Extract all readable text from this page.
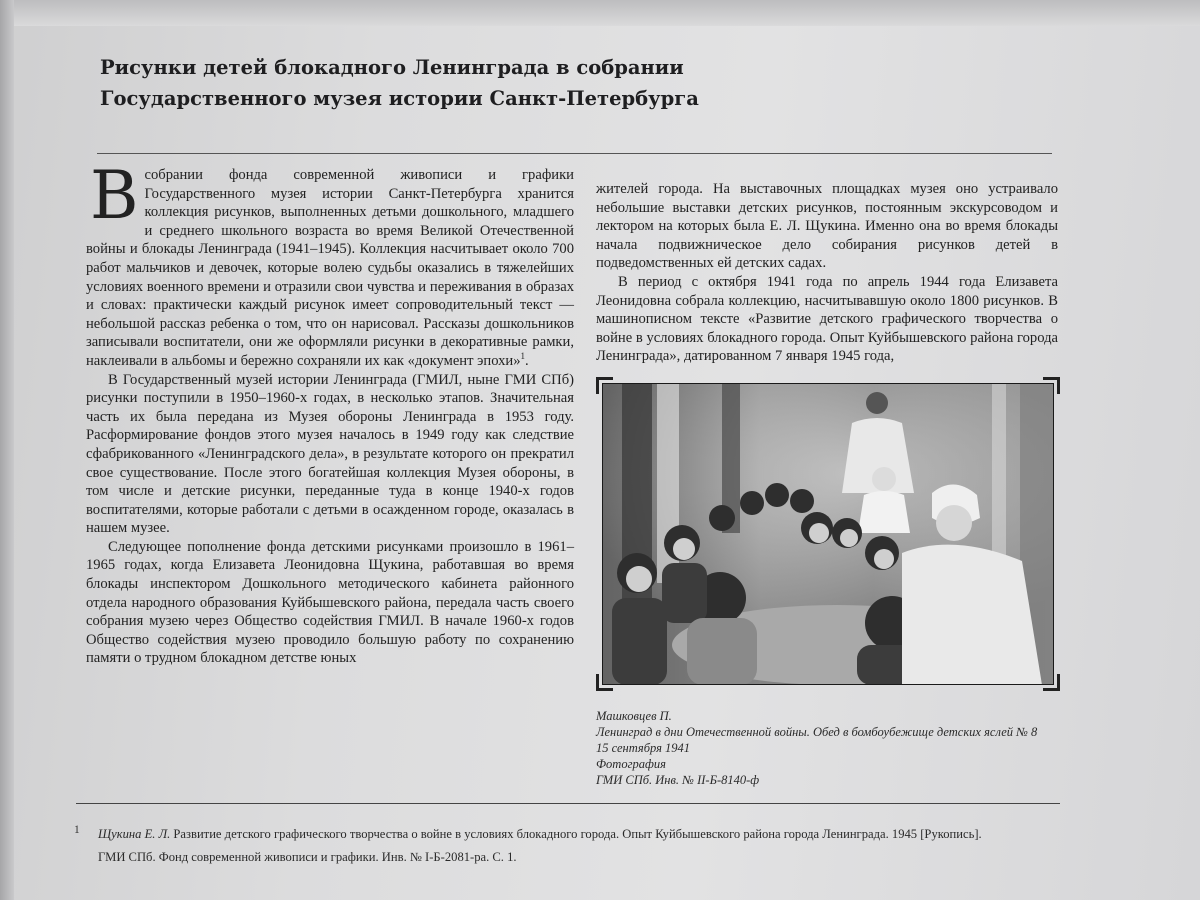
Рисунки детей блокадного Ленинграда в собрании
Государственного музея истории Санкт-Петербурга

Всобрании фонда современной живописи и графики Государственного музея истории Санкт-Петербурга хранится коллекция рисунков, выполненных детьми дошкольного, младшего и среднего школьного возраста во время Великой Отечественной войны и блокады Ленинграда (1941–1945). Коллекция насчитывает около 700 работ мальчиков и девочек, которые волею судьбы оказались в тяжелейших условиях военного времени и отразили свои чувства и переживания в образах и словах: практически каждый рисунок имеет сопроводительный текст — небольшой рассказ ребенка о том, что он нарисовал. Рассказы дошкольников записывали воспитатели, они же оформляли рисунки в декоративные рамки, наклеивали в альбомы и бережно сохраняли их как «документ эпохи»$^1$.

В Государственный музей истории Ленинграда (ГМИЛ, ныне ГМИ СПб) рисунки поступили в 1950–1960-х годах, в несколько этапов. Значительная часть их была передана из Музея обороны Ленинграда в 1953 году. Расформирование фондов этого музея началось в 1949 году как следствие сфабрикованного «Ленинградского дела», в результате которого он прекратил свое существование. После этого богатейшая коллекция Музея обороны, в том числе и детские рисунки, переданные туда в конце 1940-х годов воспитателями, которые работали с детьми в осажденном городе, оказалась в нашем музее.

Следующее пополнение фонда детскими рисунками произошло в 1961–1965 годах, когда Елизавета Леонидовна Щукина, работавшая во время блокады инспектором Дошкольного методического кабинета районного отдела народного образования Куйбышевского района, передала часть своего собрания музею через Общество содействия ГМИЛ. В начале 1960-х годов Общество содействия музею проводило большую работу по сохранению памяти о трудном блокадном детстве юных

жителей города. На выставочных площадках музея оно устраивало небольшие выставки детских рисунков, постоянным экскурсоводом и лектором на которых была Е. Л. Щукина. Именно она во время блокады начала подвижническое дело собирания рисунков детей в подведомственных ей детских садах.

В период с октября 1941 года по апрель 1944 года Елизавета Леонидовна собрала коллекцию, насчитывавшую около 1800 рисунков. В машинописном тексте «Развитие детского графического творчества о войне в условиях блокадного города. Опыт Куйбышевского района города Ленинграда», датированном 7 января 1945 года,

Машковцев П.
Ленинград в дни Отечественной войны. Обед в бомбоубежище детских яслей № 8
15 сентября 1941
Фотография
ГМИ СПб. Инв. № II-Б-8140-ф
1 Щукина Е. Л. Развитие детского графического творчества о войне в условиях блокадного города. Опыт Куйбышевского района города Ленинграда. 1945 [Рукопись].
ГМИ СПб. Фонд современной живописи и графики. Инв. № I-Б-2081-ра. С. 1.
